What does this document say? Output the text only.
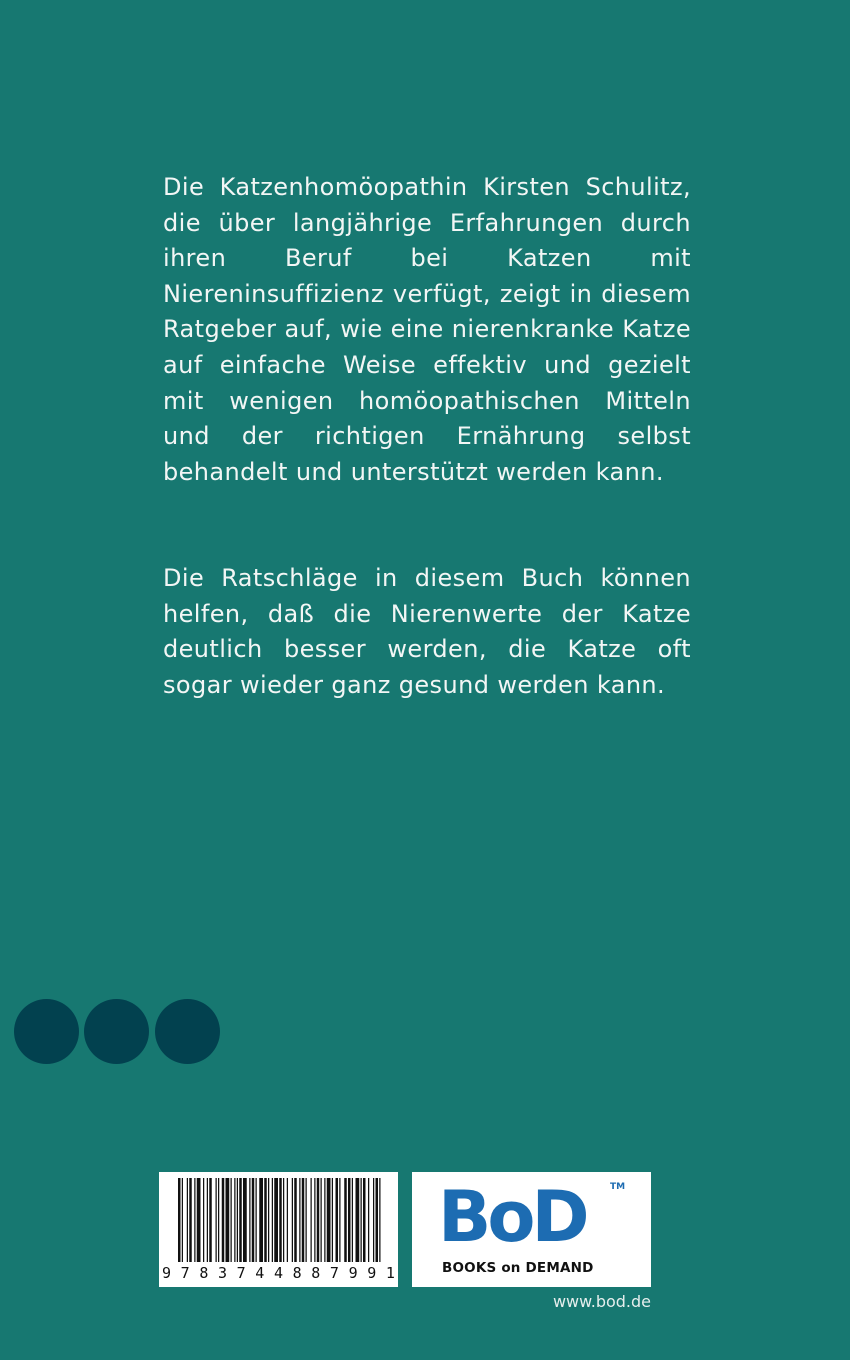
Die Katzenhomöopathin Kirsten Schulitz, die über langjährige Erfahrungen durch ihren Beruf bei Katzen mit Niereninsuffizienz verfügt, zeigt in diesem Ratgeber auf, wie eine nierenkranke Katze auf einfache Weise effektiv und gezielt mit wenigen homöopathischen Mitteln und der richtigen Ernährung selbst behandelt und unterstützt werden kann.

Die Ratschläge in diesem Buch können helfen, daß die Nierenwerte der Katze deutlich besser werden, die Katze oft sogar wieder ganz gesund werden kann.

9 7 8 3 7 4 4 8 8 7 9 9 1
BoD	TM
BOOKS on DEMAND
www.bod.de
